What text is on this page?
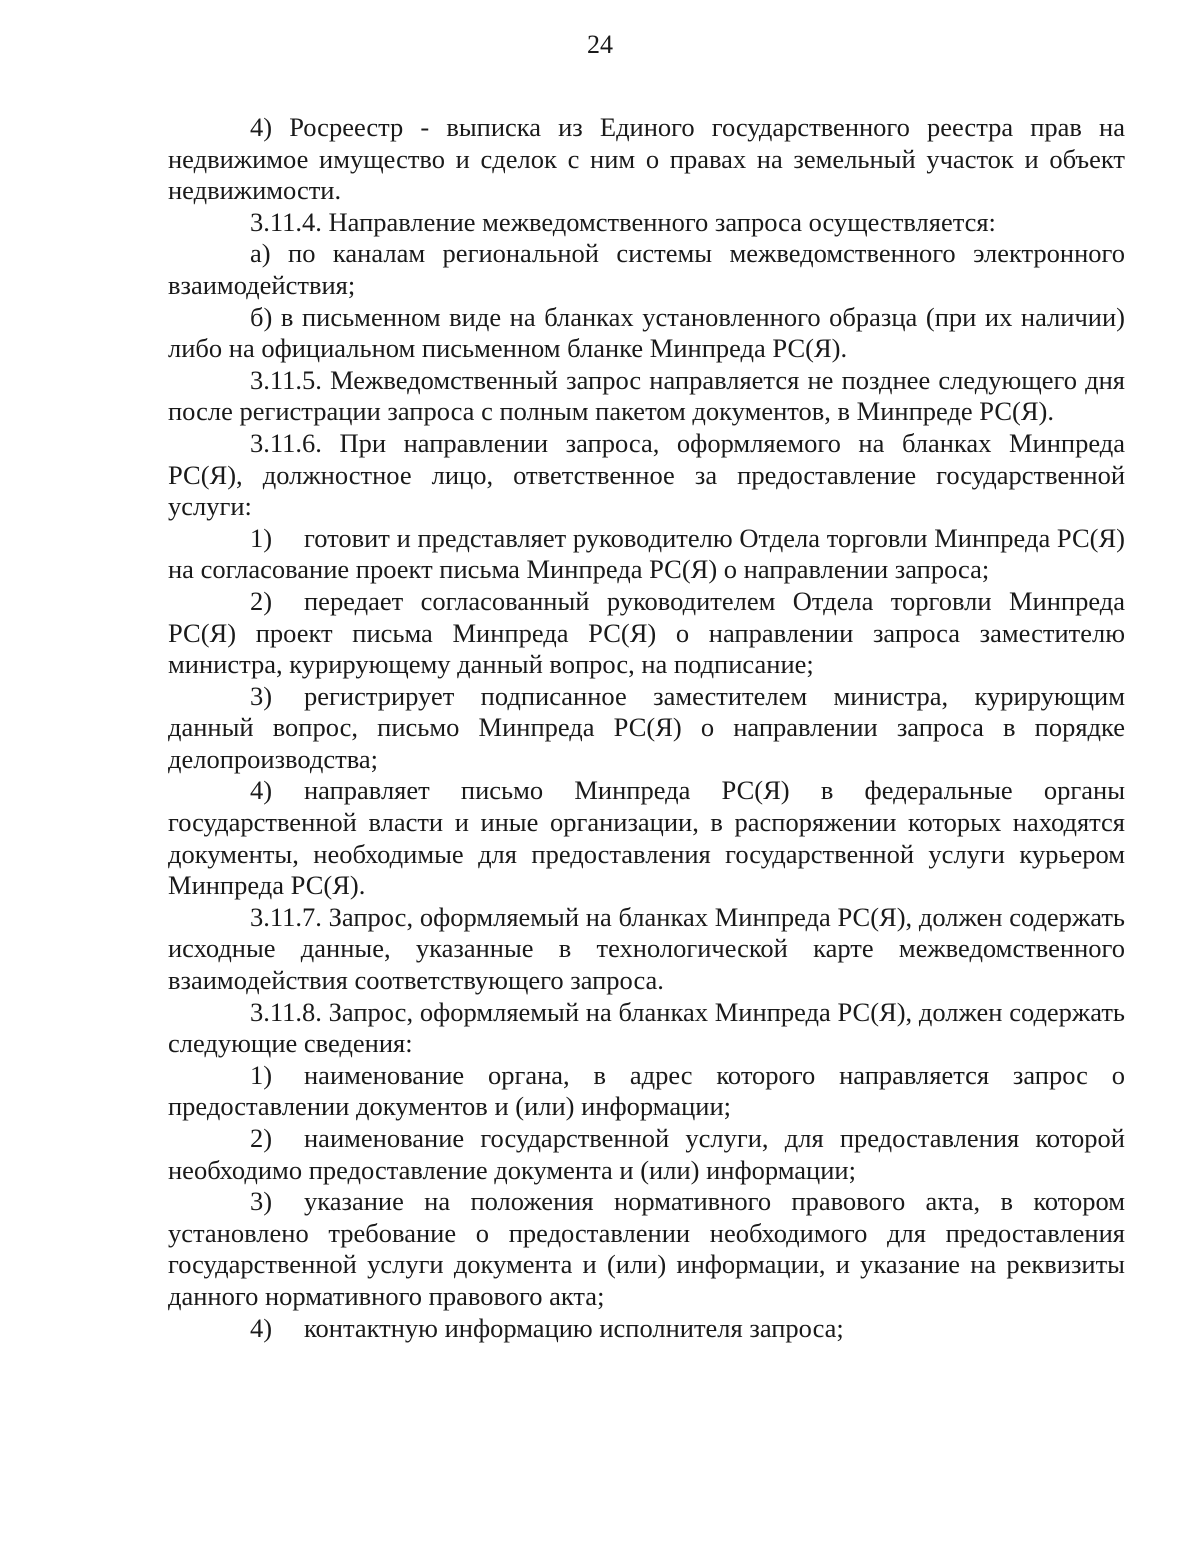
24

4) Росреестр - выписка из Единого государственного реестра прав на недвижимое имущество и сделок с ним о правах на земельный участок и объект недвижимости.

3.11.4. Направление межведомственного запроса осуществляется:

а) по каналам региональной системы межведомственного электронного взаимодействия;

б) в письменном виде на бланках установленного образца (при их наличии) либо на официальном письменном бланке Минпреда РС(Я).

3.11.5. Межведомственный запрос направляется не позднее следующего дня после регистрации запроса с полным пакетом документов, в Минпреде РС(Я).

3.11.6. При направлении запроса, оформляемого на бланках Минпреда РС(Я), должностное лицо, ответственное за предоставление государственной услуги:

1) готовит и представляет руководителю Отдела торговли Минпреда РС(Я) на согласование проект письма Минпреда РС(Я) о направлении запроса;

2) передает согласованный руководителем Отдела торговли Минпреда РС(Я) проект письма Минпреда РС(Я) о направлении запроса заместителю министра, курирующему данный вопрос, на подписание;

3) регистрирует подписанное заместителем министра, курирующим данный вопрос, письмо Минпреда РС(Я) о направлении запроса в порядке делопроизводства;

4) направляет письмо Минпреда РС(Я) в федеральные органы государственной власти и иные организации, в распоряжении которых находятся документы, необходимые для предоставления государственной услуги курьером Минпреда РС(Я).

3.11.7. Запрос, оформляемый на бланках Минпреда РС(Я), должен содержать исходные данные, указанные в технологической карте межведомственного взаимодействия соответствующего запроса.

3.11.8. Запрос, оформляемый на бланках Минпреда РС(Я), должен содержать следующие сведения:

1) наименование органа, в адрес которого направляется запрос о предоставлении документов и (или) информации;

2) наименование государственной услуги, для предоставления которой необходимо предоставление документа и (или) информации;

3) указание на положения нормативного правового акта, в котором установлено требование о предоставлении необходимого для предоставления государственной услуги документа и (или) информации, и указание на реквизиты данного нормативного правового акта;

4) контактную информацию исполнителя запроса;
